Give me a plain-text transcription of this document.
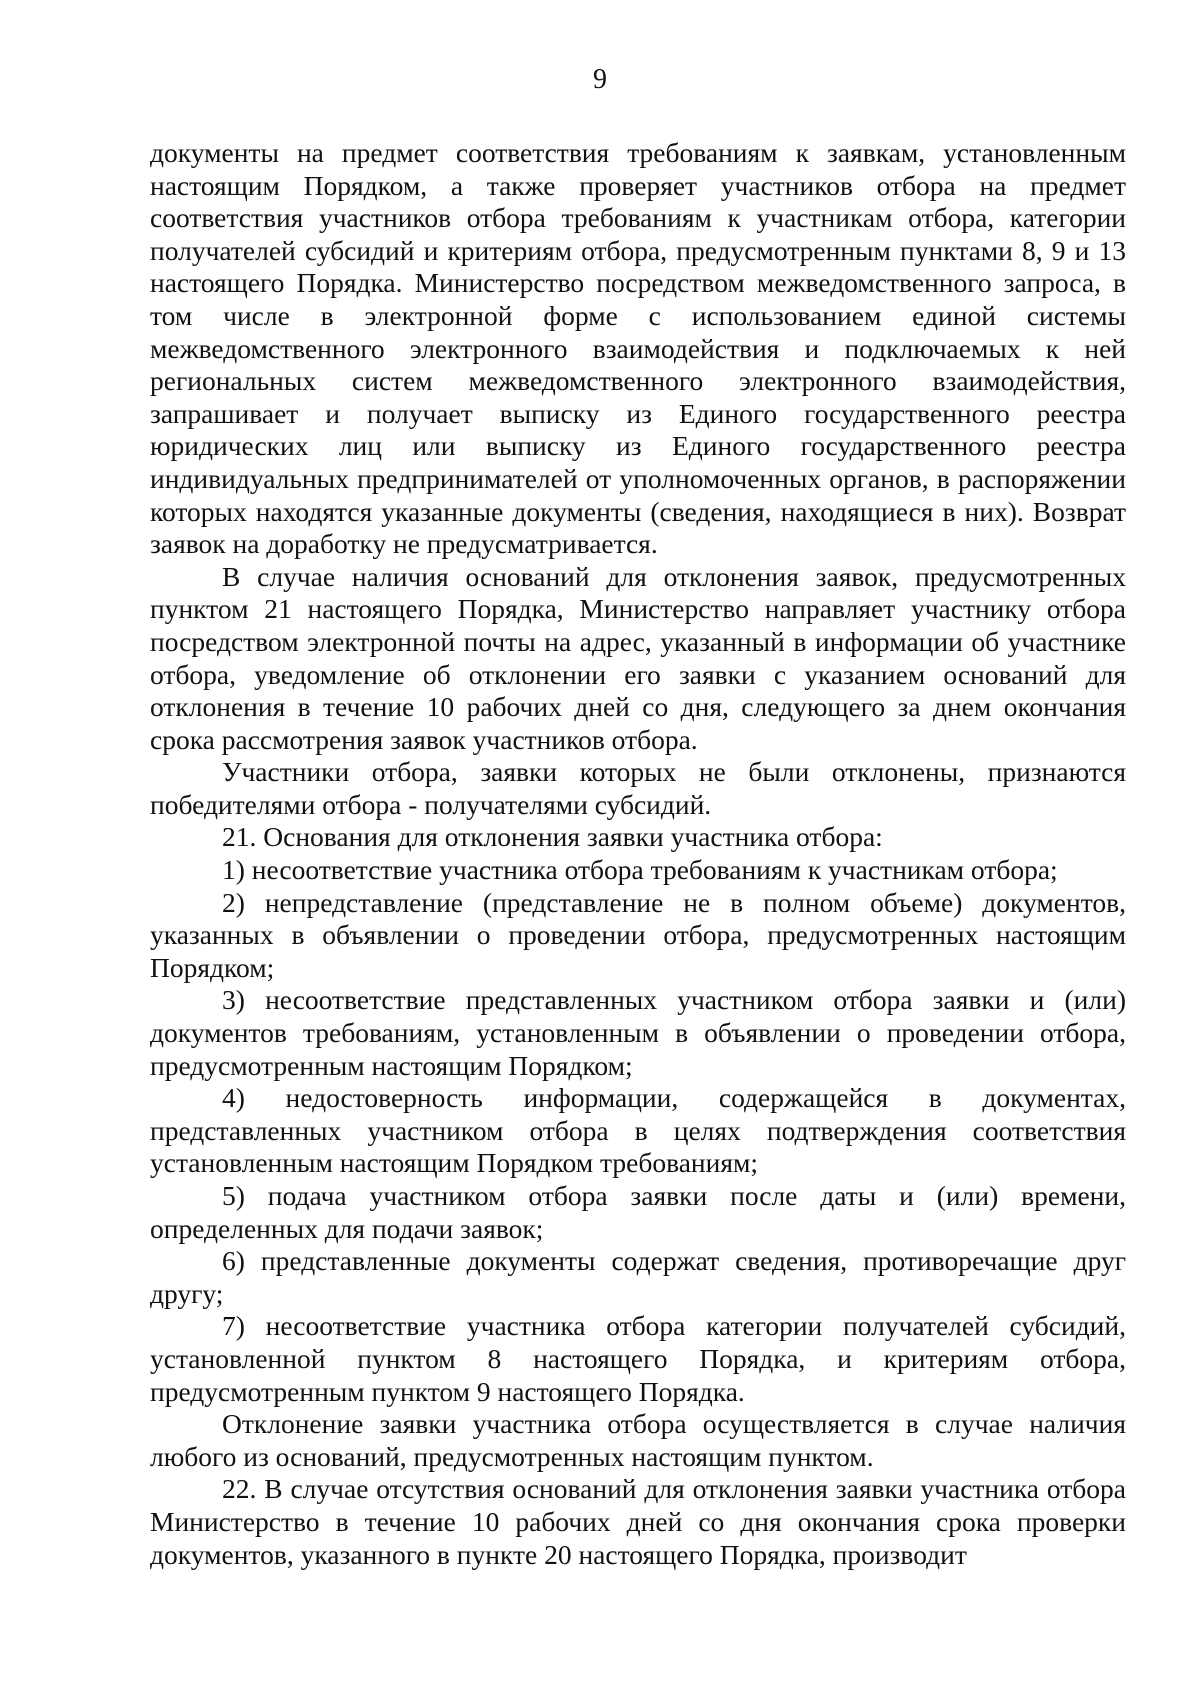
9

документы на предмет соответствия требованиям к заявкам, установленным настоящим Порядком, а также проверяет участников отбора на предмет соответствия участников отбора требованиям к участникам отбора, категории получателей субсидий и критериям отбора, предусмотренным пунктами 8, 9 и 13 настоящего Порядка. Министерство посредством межведомственного запроса, в том числе в электронной форме с использованием единой системы межведомственного электронного взаимодействия и подключаемых к ней региональных систем межведомственного электронного взаимодействия, запрашивает и получает выписку из Единого государственного реестра юридических лиц или выписку из Единого государственного реестра индивидуальных предпринимателей от уполномоченных органов, в распоряжении которых находятся указанные документы (сведения, находящиеся в них). Возврат заявок на доработку не предусматривается.

В случае наличия оснований для отклонения заявок, предусмотренных пунктом 21 настоящего Порядка, Министерство направляет участнику отбора посредством электронной почты на адрес, указанный в информации об участнике отбора, уведомление об отклонении его заявки с указанием оснований для отклонения в течение 10 рабочих дней со дня, следующего за днем окончания срока рассмотрения заявок участников отбора.

Участники отбора, заявки которых не были отклонены, признаются победителями отбора - получателями субсидий.

21. Основания для отклонения заявки участника отбора:

1) несоответствие участника отбора требованиям к участникам отбора;

2) непредставление (представление не в полном объеме) документов, указанных в объявлении о проведении отбора, предусмотренных настоящим Порядком;

3) несоответствие представленных участником отбора заявки и (или) документов требованиям, установленным в объявлении о проведении отбора, предусмотренным настоящим Порядком;

4) недостоверность информации, содержащейся в документах, представленных участником отбора в целях подтверждения соответствия установленным настоящим Порядком требованиям;

5) подача участником отбора заявки после даты и (или) времени, определенных для подачи заявок;

6) представленные документы содержат сведения, противоречащие друг другу;

7) несоответствие участника отбора категории получателей субсидий, установленной пунктом 8 настоящего Порядка, и критериям отбора, предусмотренным пунктом 9 настоящего Порядка.

Отклонение заявки участника отбора осуществляется в случае наличия любого из оснований, предусмотренных настоящим пунктом.

22. В случае отсутствия оснований для отклонения заявки участника отбора Министерство в течение 10 рабочих дней со дня окончания срока проверки документов, указанного в пункте 20 настоящего Порядка, производит
